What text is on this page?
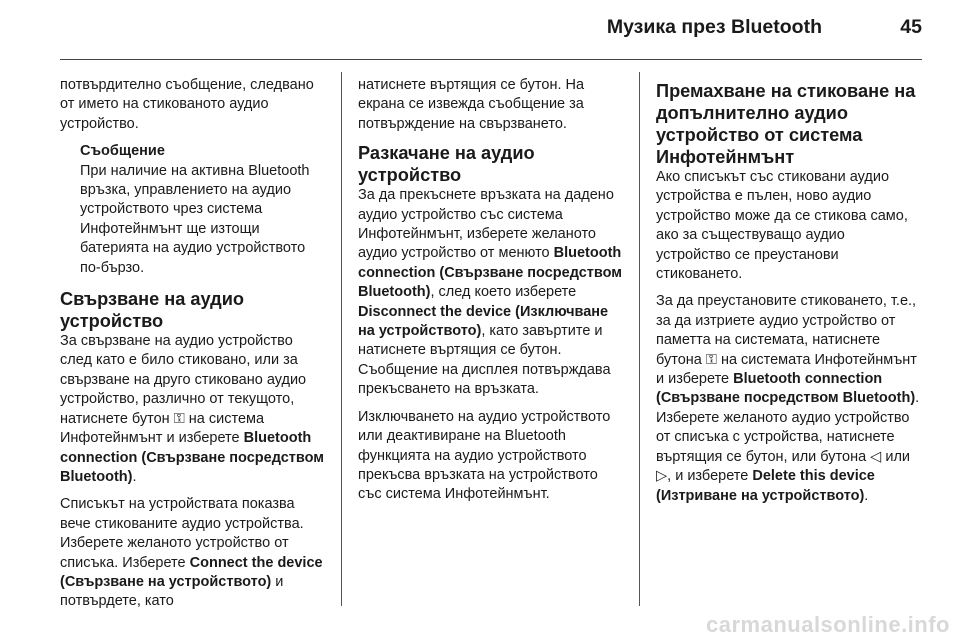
Музика през Bluetooth	45

потвърдително съобщение, следвано от името на стикованото аудио устройство.

Съобщение
При наличие на активна Bluetooth връзка, управлението на аудио устройството чрез система Инфотейнмънт ще изтощи батерията на аудио устройството по-бързо.
Свързване на аудио устройство

За свързване на аудио устройство след като е било стиковано, или за свързване на друго стиковано аудио устройство, различно от текущото, натиснете бутон ⚿ на система Инфотейнмънт и изберете Bluetooth connection (Свързване посредством Bluetooth).

Списъкът на устройствата показва вече стикованите аудио устройства. Изберете желаното устройство от списъка. Изберете Connect the device (Свързване на устройството) и потвърдете, като

натиснете въртящия се бутон. На екрана се извежда съобщение за потвърждение на свързването.

Разкачане на аудио устройство

За да прекъснете връзката на дадено аудио устройство със система Инфотейнмънт, изберете желаното аудио устройство от менюто Bluetooth connection (Свързване посредством Bluetooth), след което изберете Disconnect the device (Изключване на устройството), като завъртите и натиснете въртящия се бутон. Съобщение на дисплея потвърждава прекъсването на връзката.

Изключването на аудио устройството или деактивиране на Bluetooth функцията на аудио устройството прекъсва връзката на устройството със система Инфотейнмънт.

Премахване на стиковане на допълнително аудио устройство от система Инфотейнмънт

Ако списъкът със стиковани аудио устройства е пълен, ново аудио устройство може да се стикова само, ако за съществуващо аудио устройство се преустанови стиковането.

За да преустановите стиковането, т.е., за да изтриете аудио устройство от паметта на системата, натиснете бутона ⚿ на системата Инфотейнмънт и изберете Bluetooth connection (Свързване посредством Bluetooth). Изберете желаното аудио устройство от списъка с устройства, натиснете въртящия се бутон, или бутона ◁ или ▷, и изберете Delete this device (Изтриване на устройството).

carmanualsonline.info
